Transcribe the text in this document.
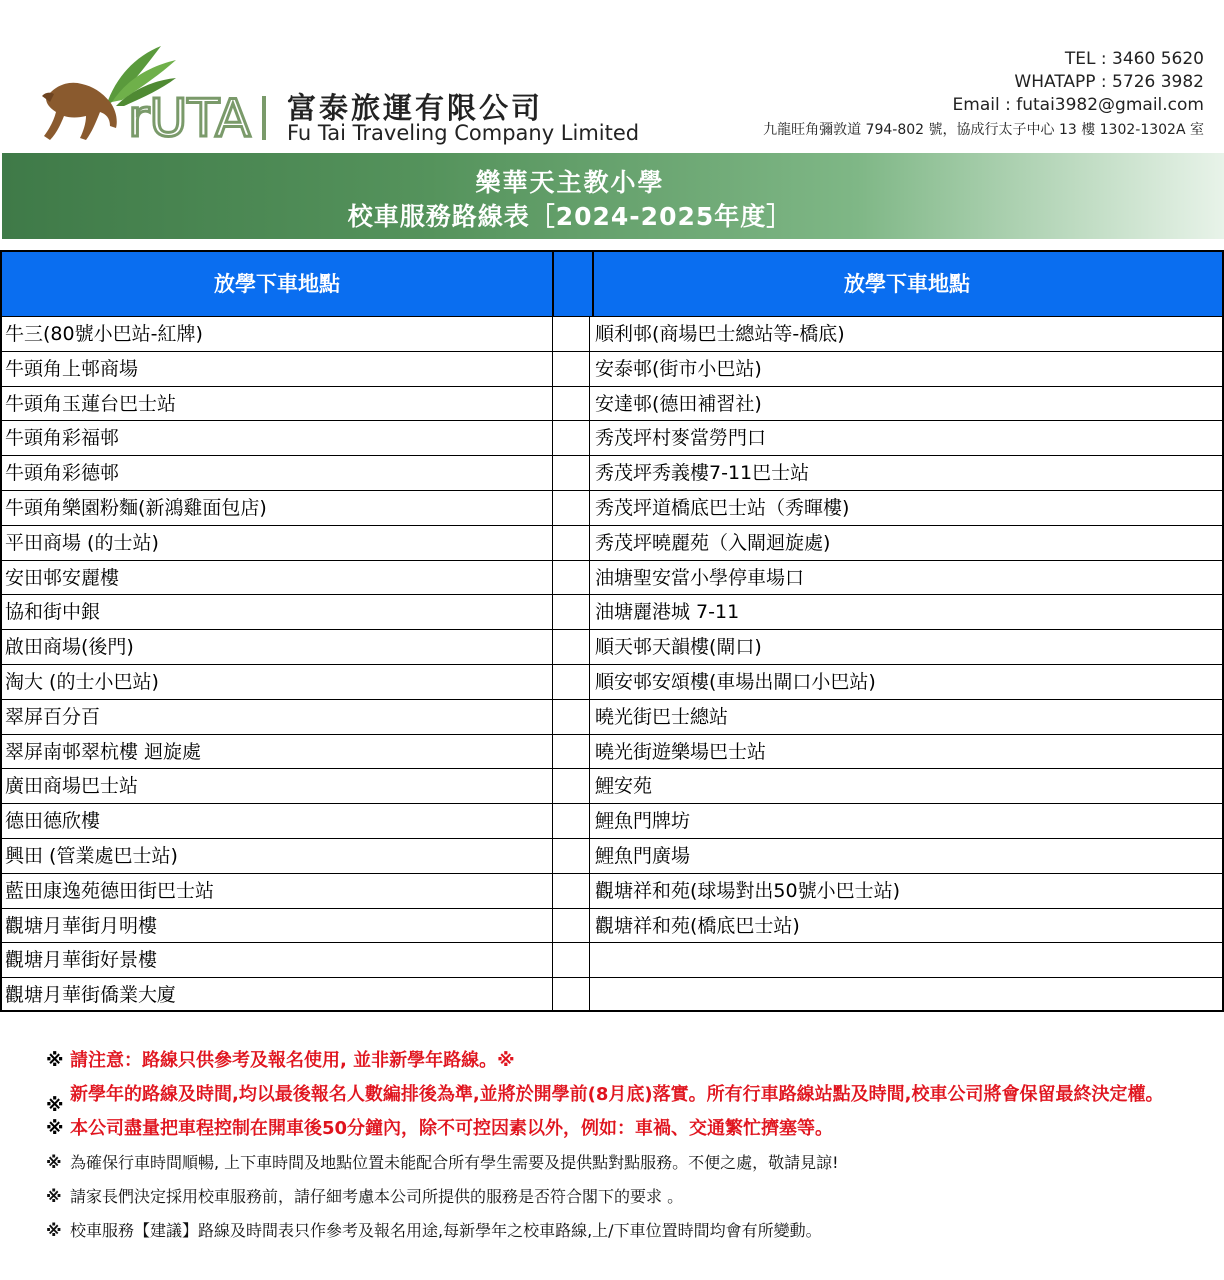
rUTA 富泰旅運有限公司
Fu Tai Traveling Company Limited
TEL : 3460 5620
WHATAPP : 5726 3982
Email : futai3982@gmail.com
九龍旺角彌敦道 794-802 號，協成行太子中心 13 樓 1302-1302A 室
樂華天主教小學
校車服務路線表［2024-2025年度］
放學下車地點	放學下車地點
牛三(80號小巴站-紅牌)	順利邨(商場巴士總站等-橋底)
牛頭角上邨商場	安泰邨(街市小巴站)
牛頭角玉蓮台巴士站	安達邨(德田補習社)
牛頭角彩福邨	秀茂坪村麥當勞門口
牛頭角彩德邨	秀茂坪秀義樓7-11巴士站
牛頭角樂園粉麵(新鴻雞面包店)	秀茂坪道橋底巴士站（秀暉樓)
平田商場 (的士站)	秀茂坪曉麗苑（入閘迴旋處)
安田邨安麗樓	油塘聖安當小學停車場口
協和街中銀	油塘麗港城 7-11
啟田商場(後門)	順天邨天韻樓(閘口)
淘大 (的士小巴站)	順安邨安頌樓(車場出閘口小巴站)
翠屏百分百	曉光街巴士總站
翠屏南邨翠杭樓 迴旋處	曉光街遊樂場巴士站
廣田商場巴士站	鯉安苑
德田德欣樓	鯉魚門牌坊
興田 (管業處巴士站)	鯉魚門廣場
藍田康逸苑德田街巴士站	觀塘祥和苑(球場對出50號小巴士站)
觀塘月華街月明樓	觀塘祥和苑(橋底巴士站)
觀塘月華街好景樓
觀塘月華街僑業大廈
※ 請注意：路線只供參考及報名使用, 並非新學年路線。※
※
新學年的路線及時間,均以最後報名人數編排後為準,並將於開學前(8月底)落實。所有行車路線站點及時間,校車公司將會保留最終決定權。
※ 本公司盡量把車程控制在開車後50分鐘內，除不可控因素以外，例如：車禍、交通繁忙擠塞等。
※ 為確保行車時間順暢, 上下車時間及地點位置未能配合所有學生需要及提供點對點服務。不便之處，敬請見諒!
※ 請家長們決定採用校車服務前，請仔細考慮本公司所提供的服務是否符合閣下的要求 。
※ 校車服務【建議】路線及時間表只作參考及報名用途,每新學年之校車路線,上/下車位置時間均會有所變動。
